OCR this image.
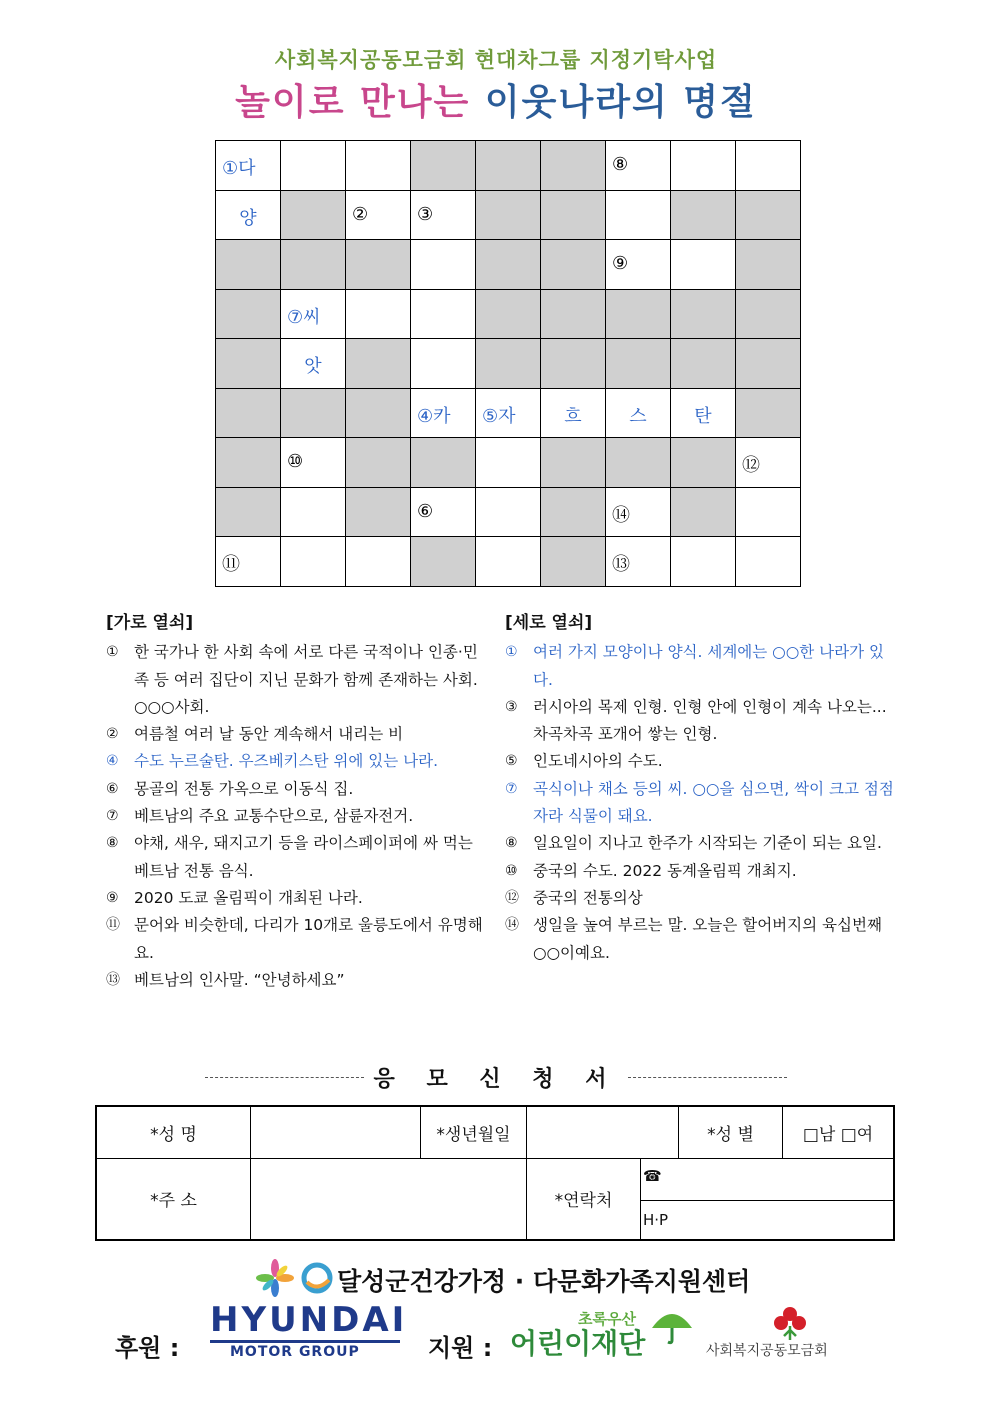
사회복지공동모금회 현대차그룹 지정기탁사업
놀이로 만나는 이웃나라의 명절
①다						⑧		

양		②	③					

						⑨		

	⑦씨							

	앗							

			④카	⑤자	흐	스	탄	

	⑩							⑫

			⑥			⑭		

⑪						⑬		

[가로 열쇠]
① 한 국가나 한 사회 속에 서로 다른 국적이나 인종·민족 등 여러 집단이 지닌 문화가 함께 존재하는 사회. ○○○사회.
② 여름철 여러 날 동안 계속해서 내리는 비
④ 수도 누르술탄. 우즈베키스탄 위에 있는 나라.
⑥ 몽골의 전통 가옥으로 이동식 집.
⑦ 베트남의 주요 교통수단으로, 삼륜자전거.
⑧ 야채, 새우, 돼지고기 등을 라이스페이퍼에 싸 먹는 베트남 전통 음식.
⑨ 2020 도쿄 올림픽이 개최된 나라.
⑪ 문어와 비슷한데, 다리가 10개로 울릉도에서 유명해요.
⑬ 베트남의 인사말. “안녕하세요”
[세로 열쇠]
① 여러 가지 모양이나 양식. 세계에는 ○○한 나라가 있다.
③ 러시아의 목제 인형. 인형 안에 인형이 계속 나오는...차곡차곡 포개어 쌓는 인형.
⑤ 인도네시아의 수도.
⑦ 곡식이나 채소 등의 씨. ○○을 심으면, 싹이 크고 점점 자라 식물이 돼요.
⑧ 일요일이 지나고 한주가 시작되는 기준이 되는 요일.
⑩ 중국의 수도. 2022 동계올림픽 개최지.
⑫ 중국의 전통의상
⑭ 생일을 높여 부르는 말. 오늘은 할어버지의 육십번째 ○○이예요.
응 모 신 청 서
*성 명	*생년월일	*성 별	□남 □여
*주 소	*연락처
☎
H·P
달성군건강가정 · 다문화가족지원센터
후원 :
HYUNDAI
MOTOR GROUP	지원 :
초록우산
어린이재단	사회복지공동모금회
